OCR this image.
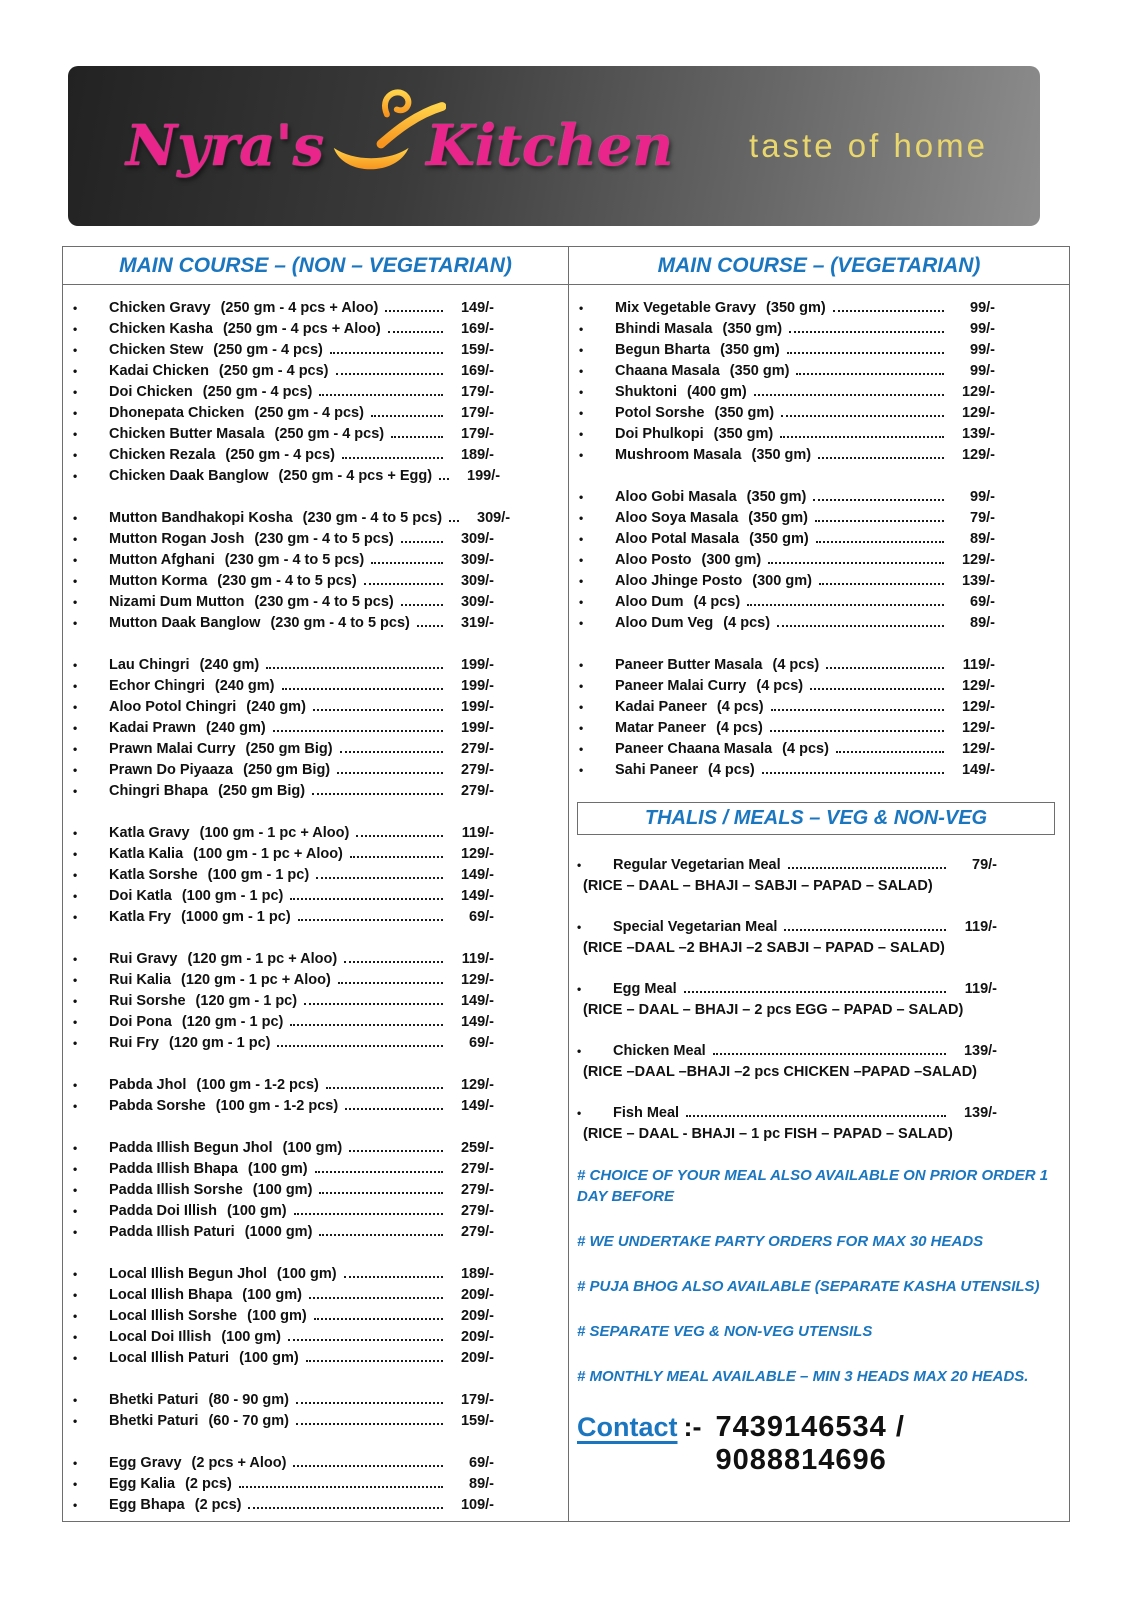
Nyra's Kitchen taste of home
MAIN COURSE – (NON – VEGETARIAN)	MAIN COURSE – (VEGETARIAN)
•	Chicken Gravy (250 gm - 4 pcs + Aloo)	149/-
•	Chicken Kasha (250 gm - 4 pcs + Aloo)	169/-
•	Chicken Stew (250 gm - 4 pcs)	159/-
•	Kadai Chicken (250 gm - 4 pcs)	169/-
•	Doi Chicken (250 gm - 4 pcs)	179/-
•	Dhonepata Chicken (250 gm - 4 pcs)	179/-
•	Chicken Butter Masala (250 gm - 4 pcs)	179/-
•	Chicken Rezala (250 gm - 4 pcs)	189/-
•	Chicken Daak Banglow (250 gm - 4 pcs + Egg)	199/-
•	Mutton Bandhakopi Kosha (230 gm - 4 to 5 pcs)	309/-
•	Mutton Rogan Josh (230 gm - 4 to 5 pcs)	309/-
•	Mutton Afghani (230 gm - 4 to 5 pcs)	309/-
•	Mutton Korma (230 gm - 4 to 5 pcs)	309/-
•	Nizami Dum Mutton (230 gm - 4 to 5 pcs)	309/-
•	Mutton Daak Banglow (230 gm - 4 to 5 pcs)	319/-
•	Lau Chingri (240 gm)	199/-
•	Echor Chingri (240 gm)	199/-
•	Aloo Potol Chingri (240 gm)	199/-
•	Kadai Prawn (240 gm)	199/-
•	Prawn Malai Curry (250 gm Big)	279/-
•	Prawn Do Piyaaza (250 gm Big)	279/-
•	Chingri Bhapa (250 gm Big)	279/-
•	Katla Gravy (100 gm - 1 pc + Aloo)	119/-
•	Katla Kalia (100 gm - 1 pc + Aloo)	129/-
•	Katla Sorshe (100 gm - 1 pc)	149/-
•	Doi Katla (100 gm - 1 pc)	149/-
•	Katla Fry (1000 gm - 1 pc)	69/-
•	Rui Gravy (120 gm - 1 pc + Aloo)	119/-
•	Rui Kalia (120 gm - 1 pc + Aloo)	129/-
•	Rui Sorshe (120 gm - 1 pc)	149/-
•	Doi Pona (120 gm - 1 pc)	149/-
•	Rui Fry (120 gm - 1 pc)	69/-
•	Pabda Jhol (100 gm - 1-2 pcs)	129/-
•	Pabda Sorshe (100 gm - 1-2 pcs)	149/-
•	Padda Illish Begun Jhol (100 gm)	259/-
•	Padda Illish Bhapa (100 gm)	279/-
•	Padda Illish Sorshe (100 gm)	279/-
•	Padda Doi Illish (100 gm)	279/-
•	Padda Illish Paturi (1000 gm)	279/-
•	Local Illish Begun Jhol (100 gm)	189/-
•	Local Illish Bhapa (100 gm)	209/-
•	Local Illish Sorshe (100 gm)	209/-
•	Local Doi Illish (100 gm)	209/-
•	Local Illish Paturi (100 gm)	209/-
•	Bhetki Paturi (80 - 90 gm)	179/-
•	Bhetki Paturi (60 - 70 gm)	159/-
•	Egg Gravy (2 pcs + Aloo)	69/-
•	Egg Kalia (2 pcs)	89/-
•	Egg Bhapa (2 pcs)	109/-
•	Mix Vegetable Gravy (350 gm)	99/-
•	Bhindi Masala (350 gm)	99/-
•	Begun Bharta (350 gm)	99/-
•	Chaana Masala (350 gm)	99/-
•	Shuktoni (400 gm)	129/-
•	Potol Sorshe (350 gm)	129/-
•	Doi Phulkopi (350 gm)	139/-
•	Mushroom Masala (350 gm)	129/-
•	Aloo Gobi Masala (350 gm)	99/-
•	Aloo Soya Masala (350 gm)	79/-
•	Aloo Potal Masala (350 gm)	89/-
•	Aloo Posto (300 gm)	129/-
•	Aloo Jhinge Posto (300 gm)	139/-
•	Aloo Dum (4 pcs)	69/-
•	Aloo Dum Veg (4 pcs)	89/-
•	Paneer Butter Masala (4 pcs)	119/-
•	Paneer Malai Curry (4 pcs)	129/-
•	Kadai Paneer (4 pcs)	129/-
•	Matar Paneer (4 pcs)	129/-
•	Paneer Chaana Masala (4 pcs)	129/-
•	Sahi Paneer (4 pcs)	149/-
THALIS / MEALS – VEG & NON-VEG
•	Regular Vegetarian Meal	79/-
(RICE – DAAL – BHAJI – SABJI – PAPAD – SALAD)
•	Special Vegetarian Meal	119/-
(RICE –DAAL –2 BHAJI –2 SABJI – PAPAD – SALAD)
•	Egg Meal	119/-
(RICE – DAAL – BHAJI – 2 pcs EGG – PAPAD – SALAD)
•	Chicken Meal	139/-
(RICE –DAAL –BHAJI –2 pcs CHICKEN –PAPAD –SALAD)
•	Fish Meal	139/-
(RICE – DAAL - BHAJI – 1 pc FISH – PAPAD – SALAD)
# CHOICE OF YOUR MEAL ALSO AVAILABLE ON PRIOR ORDER 1 DAY BEFORE
# WE UNDERTAKE PARTY ORDERS FOR MAX 30 HEADS
# PUJA BHOG ALSO AVAILABLE (SEPARATE KASHA UTENSILS)
# SEPARATE VEG & NON-VEG UTENSILS
# MONTHLY MEAL AVAILABLE – MIN 3 HEADS MAX 20 HEADS.
Contact :- 7439146534 / 9088814696
